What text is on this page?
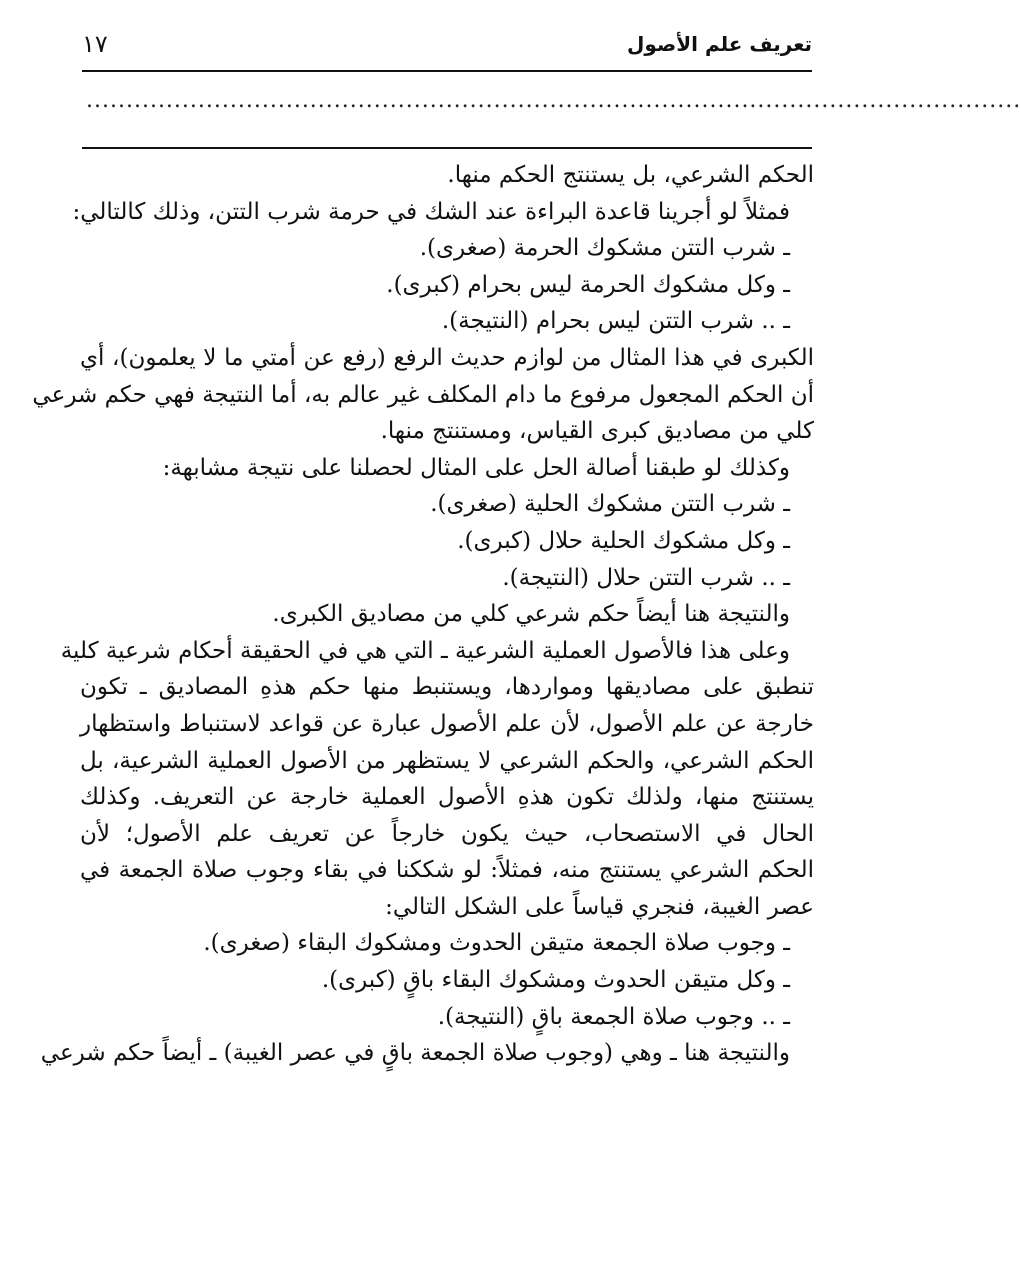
تعريف علم الأصول
١٧
.....................................................................................................................
الحكم الشرعي، بل يستنتج الحكم منها.
فمثلاً لو أجرينا قاعدة البراءة عند الشك في حرمة شرب التتن، وذلك كالتالي:
ـ شرب التتن مشكوك الحرمة (صغرى).
ـ وكل مشكوك الحرمة ليس بحرام (كبرى).
ـ .. شرب التتن ليس بحرام (النتيجة).
الكبرى في هذا المثال من لوازم حديث الرفع (رفع عن أمتي ما لا يعلمون)، أي
أن الحكم المجعول مرفوع ما دام المكلف غير عالم به، أما النتيجة فهي حكم شرعي
كلي من مصاديق كبرى القياس، ومستنتج منها.
وكذلك لو طبقنا أصالة الحل على المثال لحصلنا على نتيجة مشابهة:
ـ شرب التتن مشكوك الحلية (صغرى).
ـ وكل مشكوك الحلية حلال (كبرى).
ـ .. شرب التتن حلال (النتيجة).
والنتيجة هنا أيضاً حكم شرعي كلي من مصاديق الكبرى.
وعلى هذا فالأصول العملية الشرعية ـ التي هي في الحقيقة أحكام شرعية كلية
تنطبق على مصاديقها ومواردها، ويستنبط منها حكم هذهِ المصاديق ـ تكون
خارجة عن علم الأصول، لأن علم الأصول عبارة عن قواعد لاستنباط واستظهار
الحكم الشرعي، والحكم الشرعي لا يستظهر من الأصول العملية الشرعية، بل
يستنتج منها، ولذلك تكون هذهِ الأصول العملية خارجة عن التعريف. وكذلك
الحال في الاستصحاب، حيث يكون خارجاً عن تعريف علم الأصول؛ لأن
الحكم الشرعي يستنتج منه، فمثلاً: لو شككنا في بقاء وجوب صلاة الجمعة في
عصر الغيبة، فنجري قياساً على الشكل التالي:
ـ وجوب صلاة الجمعة متيقن الحدوث ومشكوك البقاء (صغرى).
ـ وكل متيقن الحدوث ومشكوك البقاء باقٍ (كبرى).
ـ .. وجوب صلاة الجمعة باقٍ (النتيجة).
والنتيجة هنا ـ وهي (وجوب صلاة الجمعة باقٍ في عصر الغيبة) ـ أيضاً حكم شرعي
